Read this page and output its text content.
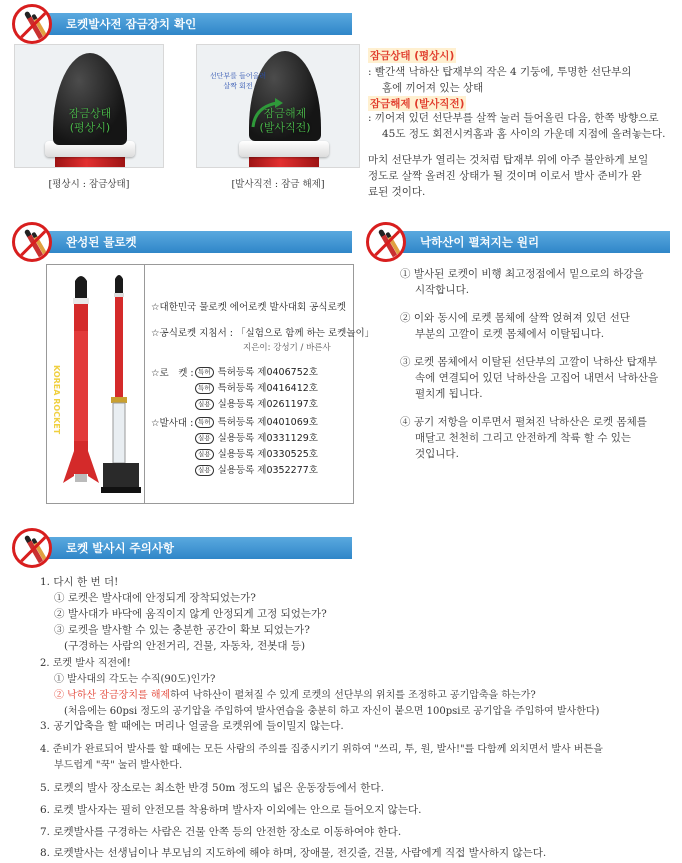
로켓발사전 잠금장치 확인
잠금상태
(평상시)
[평상시 : 잠금상태]
선단부를 들어올려
살짝 회전
잠금해제
(발사직전)
[발사직전 : 잠금 해제]
잠금상태 (평상시)
: 빨간색 낙하산 탑재부의 작은 4 기둥에, 투명한 선단부의
홈에 끼어져 있는 상태
잠금해제 (발사직전)
: 끼어져 있던 선단부를 살짝 눌러 들어올린 다음, 한쪽 방향으로
45도 정도 회전시켜홈과 홈 사이의 가운데 지점에 올려놓는다.
마치 선단부가 열리는 것처럼 탑재부 위에 아주 불안하게 보일
정도로 살짝 올려진 상태가 될 것이며 이로서 발사 준비가 완
료된 것이다.
완성된 물로켓
KOREA ROCKET
☆대한민국 물로켓 에어로켓 발사대회 공식로켓
☆공식로켓 지침서 : 「실험으로 함께 하는 로켓놀이」
지은이: 강성기 / 바른사
☆로　켓 : 특허 특허등록 제0406752호
특허 특허등록 제0416412호
실용 실용등록 제0261197호
☆발사대 : 특허 특허등록 제0401069호
실용 실용등록 제0331129호
실용 실용등록 제0330525호
실용 실용등록 제0352277호
낙하산이 펼쳐지는 원리
① 발사된 로켓이 비행 최고정점에서 밑으로의 하강을
시작합니다.
② 이와 동시에 로켓 몸체에 살짝 얹혀져 있던 선단
부분의 고깔이 로켓 몸체에서 이탈됩니다.
③ 로켓 몸체에서 이탈된 선단부의 고깔이 낙하산 탑재부
속에 연결되어 있던 낙하산을 고집어 내면서 낙하산을
펼치게 됩니다.
④ 공기 저항을 이루면서 펼쳐진 낙하산은 로켓 몸체를
매달고 천천히 그리고 안전하게 착륙 할 수 있는
것입니다.
로켓 발사시 주의사항
1. 다시 한 번 더!
① 로켓은 발사대에 안정되게 장착되었는가?
② 발사대가 바닥에 움직이지 않게 안정되게 고정 되었는가?
③ 로켓을 발사할 수 있는 충분한 공간이 확보 되었는가?
(구경하는 사람의 안전거리, 건물, 자동차, 전봇대 등)
2. 로켓 발사 직전에!
① 발사대의 각도는 수직(90도)인가?
② 낙하산 잠금장치를 해제하여 낙하산이 펼쳐질 수 있게 로켓의 선단부의 위치를 조정하고 공기압축을 하는가?
(처음에는 60psi 정도의 공기압을 주입하여 발사연습을 충분히 하고 자신이 붙으면 100psi로 공기압을 주입하여 발사한다)
3. 공기압축을 할 때에는 머리나 얼굴을 로켓위에 들이밀지 않는다.
4. 준비가 완료되어 발사를 할 때에는 모든 사람의 주의를 집중시키기 위하여 "쓰리, 투, 원, 발사!"를 다함께 외치면서 발사 버튼을
부드럽게 "꾹" 눌러 발사한다.
5. 로켓의 발사 장소로는 최소한 반경 50m 정도의 넓은 운동장등에서 한다.
6. 로켓 발사자는 필히 안전모를 착용하며 발사자 이외에는 안으로 들어오지 않는다.
7. 로켓발사를 구경하는 사람은 건물 안쪽 등의 안전한 장소로 이동하여야 한다.
8. 로켓발사는 선생님이나 부모님의 지도하에 해야 하며, 장애물, 전깃줄, 건물, 사람에게 직접 발사하지 않는다.
